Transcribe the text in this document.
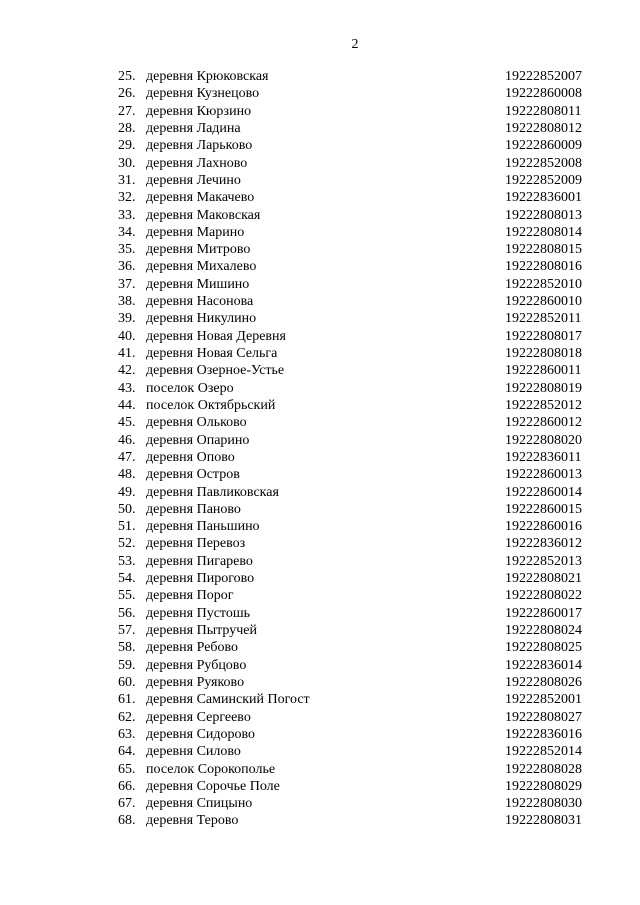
2
25. деревня Крюковская	19222852007
26. деревня Кузнецово	19222860008
27. деревня Кюрзино	19222808011
28. деревня Ладина	19222808012
29. деревня Ларьково	19222860009
30. деревня Лахново	19222852008
31. деревня Лечино	19222852009
32. деревня Макачево	19222836001
33. деревня Маковская	19222808013
34. деревня Марино	19222808014
35. деревня Митрово	19222808015
36. деревня Михалево	19222808016
37. деревня Мишино	19222852010
38. деревня Насонова	19222860010
39. деревня Никулино	19222852011
40. деревня Новая Деревня	19222808017
41. деревня Новая Сельга	19222808018
42. деревня Озерное-Устье	19222860011
43. поселок Озеро	19222808019
44. поселок Октябрьский	19222852012
45. деревня Ольково	19222860012
46. деревня Опарино	19222808020
47. деревня Опово	19222836011
48. деревня Остров	19222860013
49. деревня Павликовская	19222860014
50. деревня Паново	19222860015
51. деревня Паньшино	19222860016
52. деревня Перевоз	19222836012
53. деревня Пигарево	19222852013
54. деревня Пирогово	19222808021
55. деревня Порог	19222808022
56. деревня Пустошь	19222860017
57. деревня Пытручей	19222808024
58. деревня Ребово	19222808025
59. деревня Рубцово	19222836014
60. деревня Руяково	19222808026
61. деревня Саминский Погост	19222852001
62. деревня Сергеево	19222808027
63. деревня Сидорово	19222836016
64. деревня Силово	19222852014
65. поселок Сорокополье	19222808028
66. деревня Сорочье Поле	19222808029
67. деревня Спицыно	19222808030
68. деревня Терово	19222808031
